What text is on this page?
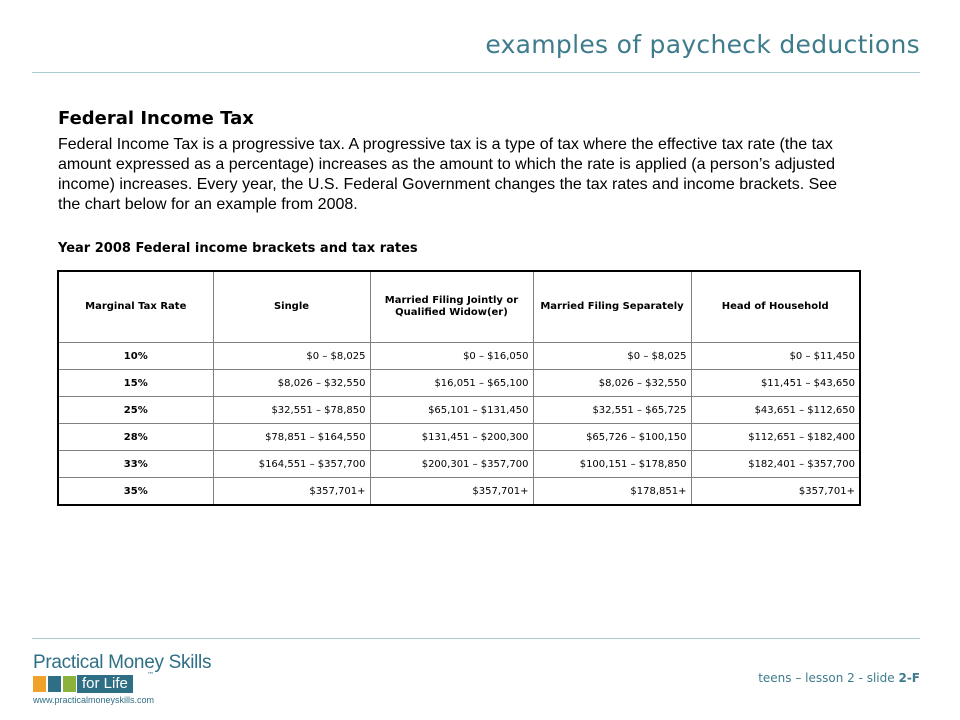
examples of paycheck deductions
Federal Income Tax

Federal Income Tax is a progressive tax. A progressive tax is a type of tax where the effective tax rate (the tax amount expressed as a percentage) increases as the amount to which the rate is applied (a person’s adjusted income) increases. Every year, the U.S. Federal Government changes the tax rates and income brackets. See the chart below for an example from 2008.

Year 2008 Federal income brackets and tax rates

Marginal Tax Rate	Single	Married Filing Jointly or Qualified Widow(er)	Married Filing Separately	Head of Household
10%	$0 – $8,025	$0 – $16,050	$0 – $8,025	$0 – $11,450
15%	$8,026 – $32,550	$16,051 – $65,100	$8,026 – $32,550	$11,451 – $43,650
25%	$32,551 – $78,850	$65,101 – $131,450	$32,551 – $65,725	$43,651 – $112,650
28%	$78,851 – $164,550	$131,451 – $200,300	$65,726 – $100,150	$112,651 – $182,400
33%	$164,551 – $357,700	$200,301 – $357,700	$100,151 – $178,850	$182,401 – $357,700
35%	$357,701+	$357,701+	$178,851+	$357,701+
Practical Money Skills
for Life	™
www.practicalmoneyskills.com
teens – lesson 2 - slide 2-F
